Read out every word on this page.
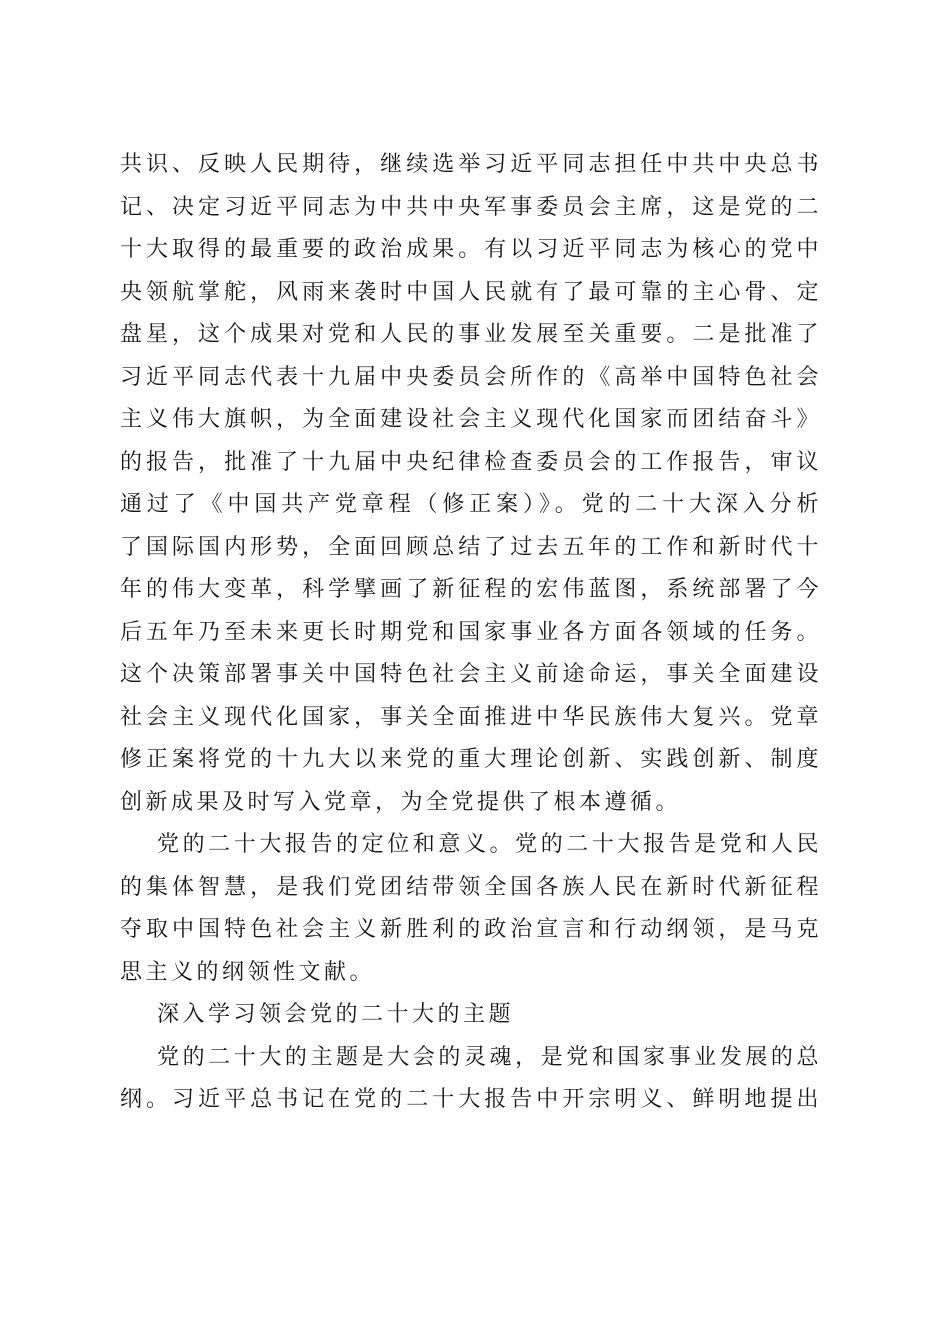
共识、反映人民期待，继续选举习近平同志担任中共中央总书
记、决定习近平同志为中共中央军事委员会主席，这是党的二
十大取得的最重要的政治成果。有以习近平同志为核心的党中
央领航掌舵，风雨来袭时中国人民就有了最可靠的主心骨、定
盘星，这个成果对党和人民的事业发展至关重要。二是批准了
习近平同志代表十九届中央委员会所作的《高举中国特色社会
主义伟大旗帜，为全面建设社会主义现代化国家而团结奋斗》
的报告，批准了十九届中央纪律检查委员会的工作报告，审议
通过了《中国共产党章程（修正案）》。党的二十大深入分析
了国际国内形势，全面回顾总结了过去五年的工作和新时代十
年的伟大变革，科学擘画了新征程的宏伟蓝图，系统部署了今
后五年乃至未来更长时期党和国家事业各方面各领域的任务。
这个决策部署事关中国特色社会主义前途命运，事关全面建设
社会主义现代化国家，事关全面推进中华民族伟大复兴。党章
修正案将党的十九大以来党的重大理论创新、实践创新、制度
创新成果及时写入党章，为全党提供了根本遵循。
党的二十大报告的定位和意义。党的二十大报告是党和人民
的集体智慧，是我们党团结带领全国各族人民在新时代新征程
夺取中国特色社会主义新胜利的政治宣言和行动纲领，是马克
思主义的纲领性文献。
深入学习领会党的二十大的主题
党的二十大的主题是大会的灵魂，是党和国家事业发展的总
纲。习近平总书记在党的二十大报告中开宗明义、鲜明地提出
